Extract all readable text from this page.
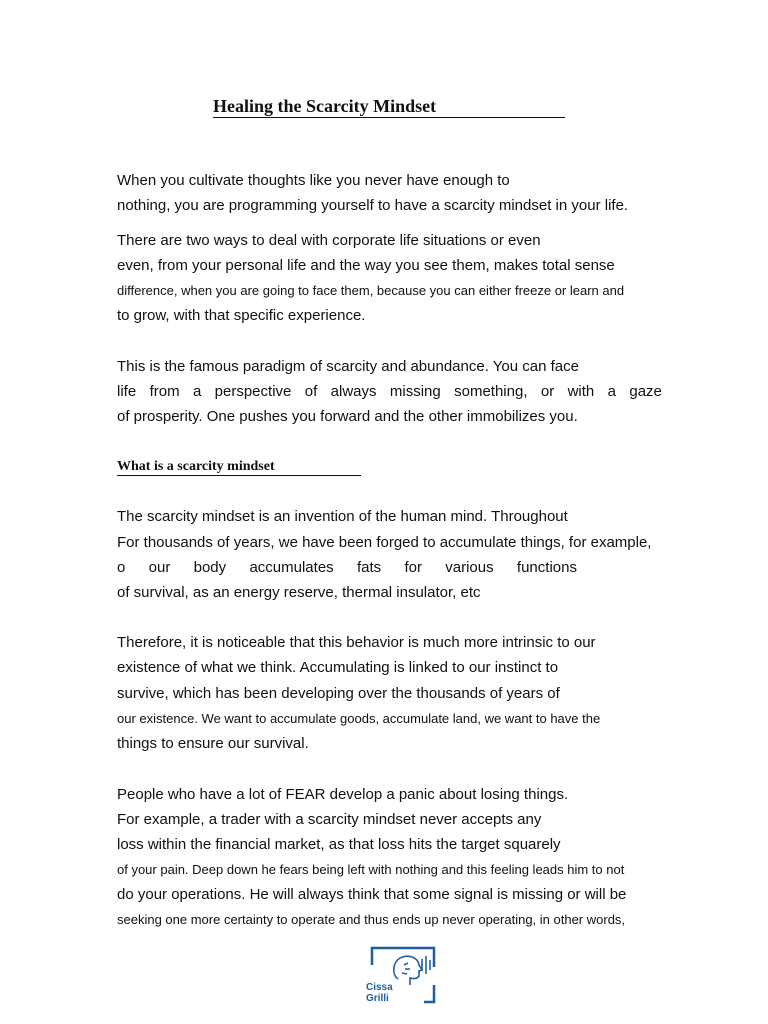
Healing the Scarcity Mindset
When you cultivate thoughts like you never have enough to
nothing, you are programming yourself to have a scarcity mindset in your life.
There are two ways to deal with corporate life situations or even
even, from your personal life and the way you see them, makes total sense
difference, when you are going to face them, because you can either freeze or learn and
to grow, with that specific experience.
This is the famous paradigm of scarcity and abundance. You can face
life from a perspective of always missing something, or with a gaze
of prosperity. One pushes you forward and the other immobilizes you.
What is a scarcity mindset
The scarcity mindset is an invention of the human mind. Throughout
For thousands of years, we have been forged to accumulate things, for example,
o our body accumulates fats for various functions
of survival, as an energy reserve, thermal insulator, etc
Therefore, it is noticeable that this behavior is much more intrinsic to our
existence of what we think. Accumulating is linked to our instinct to
survive, which has been developing over the thousands of years of
our existence. We want to accumulate goods, accumulate land, we want to have the
things to ensure our survival.
People who have a lot of FEAR develop a panic about losing things.
For example, a trader with a scarcity mindset never accepts any
loss within the financial market, as that loss hits the target squarely
of your pain. Deep down he fears being left with nothing and this feeling leads him to not
do your operations. He will always think that some signal is missing or will be
seeking one more certainty to operate and thus ends up never operating, in other words,
Cissa
Grilli
